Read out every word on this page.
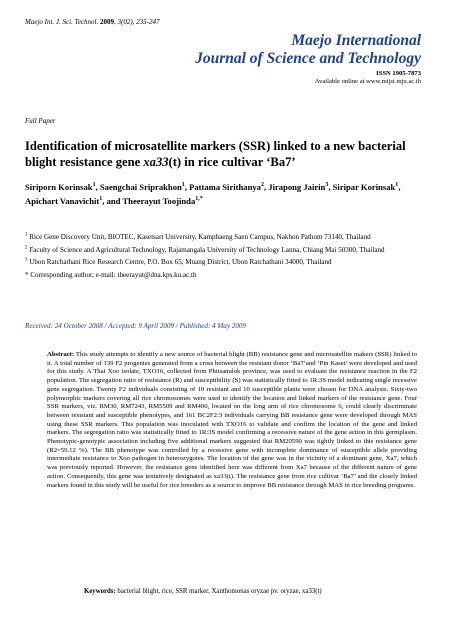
Maejo Int. J. Sci. Technol. 2009, 3(02), 235-247
Maejo International
Journal of Science and Technology
ISSN 1905-7873
Available online at www.mijst.mju.ac.th
Full Paper
Identification of microsatellite markers (SSR) linked to a new bacterial blight resistance gene xa33(t) in rice cultivar ‘Ba7’
Siriporn Korinsak$^1$, Saengchai Sriprakhon$^1$, Pattama Sirithanya$^2$, Jirapong Jairin$^3$, Siripar Korinsak$^1$, Apichart Vanavichit$^1$, and Theerayut Toojinda$^{1,*}$

$^1$ Rice Gene Discovery Unit, BIOTEC, Kasetsart University, Kamphaeng Saen Campus, Nakhon Pathom 73140, Thailand

$^2$ Faculty of Science and Agricultural Technology, Rajamangala University of Technology Lanna, Chiang Mai 50300, Thailand

$^3$ Ubon Ratchathani Rice Research Centre, P.O. Box 65, Muang District, Ubon Ratchathani 34000, Thailand

* Corresponding author, e-mail: theerayut@dna.kps.ku.ac.th

Received: 24 October 2008 / Accepted: 9 April 2009 / Published: 4 May 2009
Abstract: This study attempts to identify a new source of bacterial blight (BB) resistance gene and microsatellite makers (SSR) linked to it. A total number of 139 F2 progenies generated from a cross between the resistant donor ‘Ba7’and ‘Pin Kaset’ were developed and used for this study. A Thai Xoo isolate, TXO16, collected from Phitsanulok province, was used to evaluate the resistance reaction in the F2 population. The segregation ratio of resistance (R) and susceptibility (S) was statistically fitted to 1R:3S model indicating single recessive gene segregation. Twenty F2 individuals consisting of 10 resistant and 10 susceptible plants were chosen for DNA analysis. Sixty-two polymorphic markers covering all rice chromosomes were used to identify the location and linked markers of the resistance gene. Four SSR markers, viz. RM30, RM7243, RM5509 and RM400, located on the long arm of rice chromosome 6, could clearly discriminate between resistant and susceptible phenotypes, and 161 BC2F2:3 individuals carrying BB resistance gene were developed through MAS using these SSR markers. This population was inoculated with TXO16 to validate and confirm the location of the gene and linked markers. The segregation ratio was statistically fitted to 1R:3S model confirming a recessive nature of the gene action in this germplasm. Phenotypic-genotypic association including five additional markers suggested that RM20590 was tightly linked to this resistance gene (R2=59.12 %). The BB phenotype was controlled by a recessive gene with incomplete dominance of susceptible allele providing intermediate resistance to Xoo pathogen in heterozygotes. The location of the gene was in the vicinity of a dominant gene, Xa7, which was previously reported. However, the resistance gene identified here was different from Xa7 because of the different nature of gene action. Consequently, this gene was tentatively designated as xa33(t). The resistance gene from rice cultivar ‘Ba7’ and the closely linked markers found in this study will be useful for rice breeders as a source to improve BB resistance through MAS in rice breeding programs.
Keywords: bacterial blight, rice, SSR marker, Xanthomonas oryzae pv. oryzae, xa33(t)
